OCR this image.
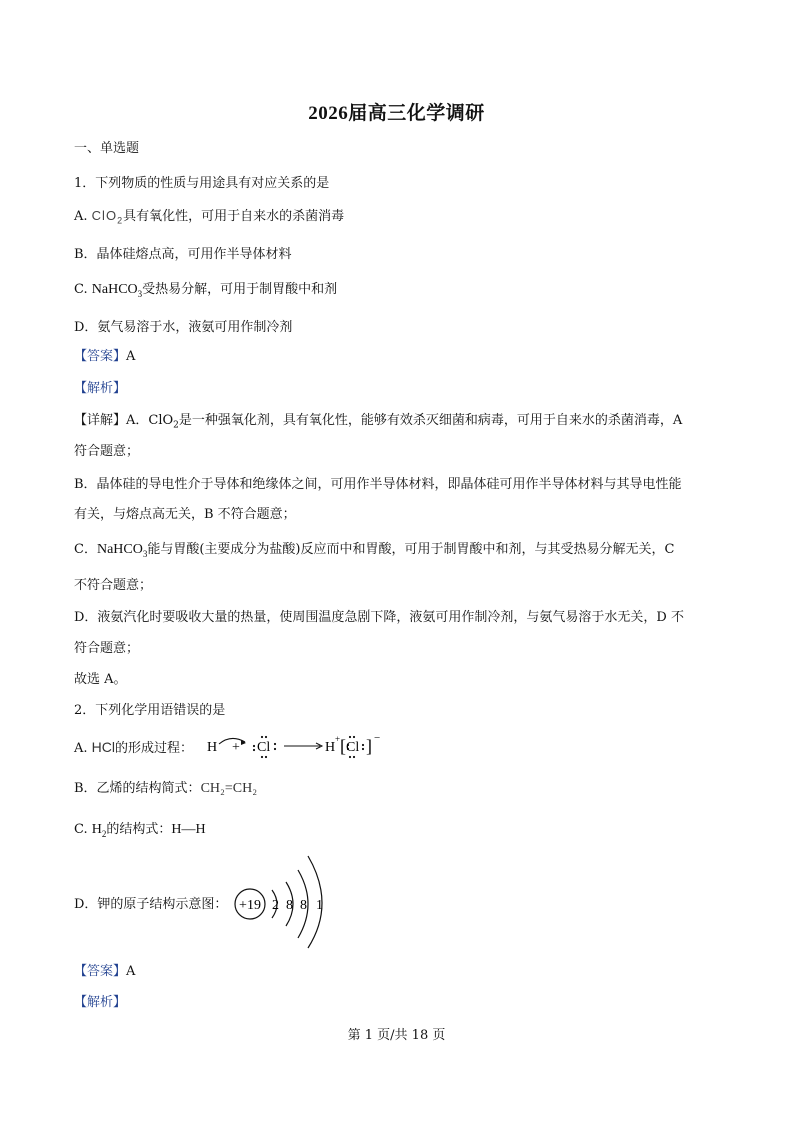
2026届高三化学调研
一、单选题
1．下列物质的性质与用途具有对应关系的是
A. ClO$_2$具有氧化性，可用于自来水的杀菌消毒
B．晶体硅熔点高，可用作半导体材料
C. NaHCO$_3$受热易分解，可用于制胃酸中和剂
D．氨气易溶于水，液氨可用作制冷剂
【答案】A
【解析】
【详解】A．ClO$_2$是一种强氧化剂，具有氧化性，能够有效杀灭细菌和病毒，可用于自来水的杀菌消毒，A
符合题意；
B．晶体硅的导电性介于导体和绝缘体之间，可用作半导体材料，即晶体硅可用作半导体材料与其导电性能
有关，与熔点高无关，B 不符合题意；
C．NaHCO$_3$能与胃酸(主要成分为盐酸)反应而中和胃酸，可用于制胃酸中和剂，与其受热易分解无关，C
不符合题意；
D．液氨汽化时要吸收大量的热量，使周围温度急剧下降，液氨可用作制冷剂，与氨气易溶于水无关，D 不
符合题意；
故选 A。
2．下列化学用语错误的是
A. HCl的形成过程： H + Cl	H
+ [ Cl ] −
B．乙烯的结构简式：CH₂=CH₂
C. $H_2$的结构式：H—H
D．钾的原子结构示意图： +19 2 8 8 1
【答案】A
【解析】
第 1 页/共 18 页
